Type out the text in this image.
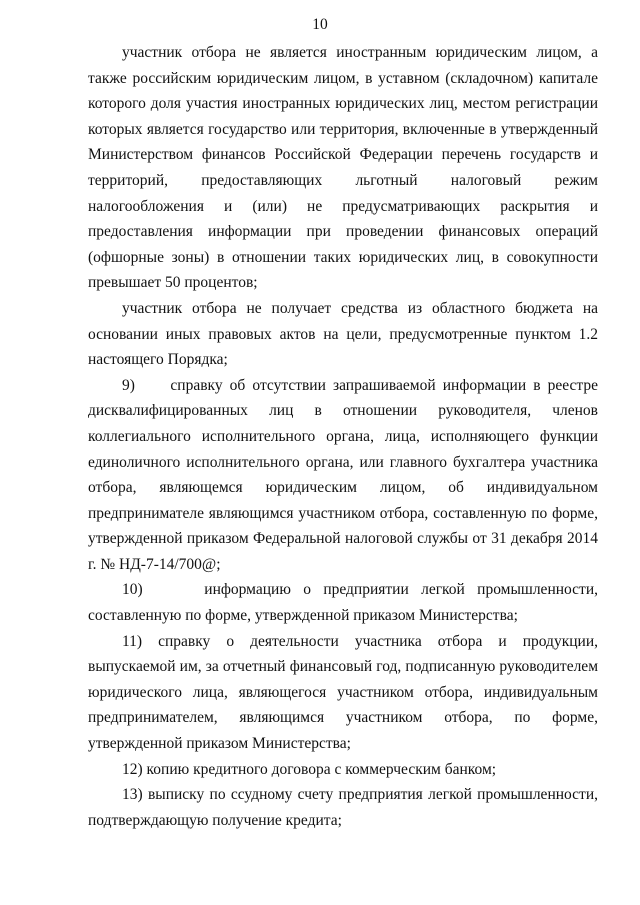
10

участник отбора не является иностранным юридическим лицом, а также российским юридическим лицом, в уставном (складочном) капитале которого доля участия иностранных юридических лиц, местом регистрации которых является государство или территория, включенные в утвержденный Министерством финансов Российской Федерации перечень государств и территорий, предоставляющих льготный налоговый режим налогообложения и (или) не предусматривающих раскрытия и предоставления информации при проведении финансовых операций (офшорные зоны) в отношении таких юридических лиц, в совокупности превышает 50 процентов;

участник отбора не получает средства из областного бюджета на основании иных правовых актов на цели, предусмотренные пунктом 1.2 настоящего Порядка;

9)     справку об отсутствии запрашиваемой информации в реестре дисквалифицированных лиц в отношении руководителя, членов коллегиального исполнительного органа, лица, исполняющего функции единоличного исполнительного органа, или главного бухгалтера участника отбора, являющемся юридическим лицом, об индивидуальном предпринимателе являющимся участником отбора, составленную по форме, утвержденной приказом Федеральной налоговой службы от 31 декабря 2014 г. № НД-7-14/700@;

10)     информацию о предприятии легкой промышленности, составленную по форме, утвержденной приказом Министерства;

11) справку о деятельности участника отбора и продукции, выпускаемой им, за отчетный финансовый год, подписанную руководителем юридического лица, являющегося участником отбора, индивидуальным предпринимателем, являющимся участником отбора, по форме, утвержденной приказом Министерства;

12) копию кредитного договора с коммерческим банком;

13) выписку по ссудному счету предприятия легкой промышленности, подтверждающую получение кредита;
